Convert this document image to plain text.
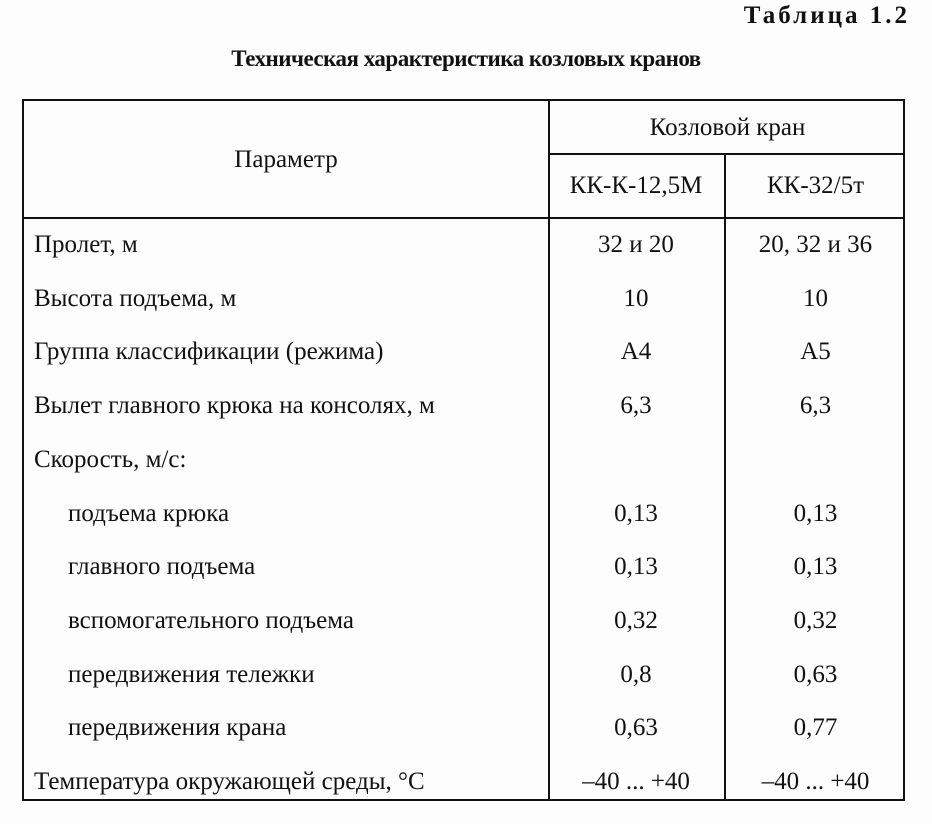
Таблица 1.2
Техническая характеристика козловых кранов
Параметр
Козловой кран
КК-К-12,5М	КК-32/5т
Пролет, м	32 и 20	20, 32 и 36
Высота подъема, м	10	10
Группа классификации (режима)	А4	А5
Вылет главного крюка на консолях, м	6,3	6,3
Скорость, м/с:
подъема крюка	0,13	0,13
главного подъема	0,13	0,13
вспомогательного подъема	0,32	0,32
передвижения тележки	0,8	0,63
передвижения крана	0,63	0,77
Температура окружающей среды, °С	–40 ... +40	–40 ... +40
